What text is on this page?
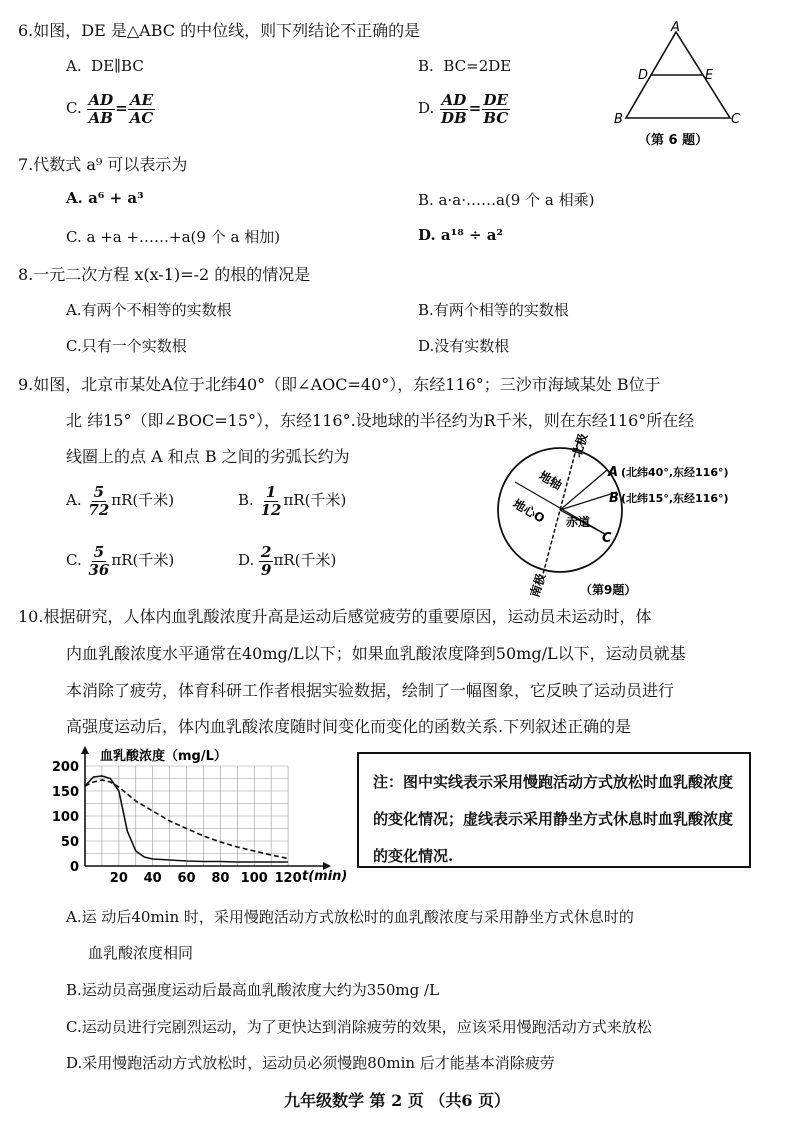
6.如图，DE 是△ABC 的中位线，则下列结论不正确的是
A. DE∥BC	B. BC=2DE
C. $\frac{AD}{AB} = \frac{AE}{AC}$	D. $\frac{AD}{DB} = \frac{DE}{BC}$
A
D	E
B	C
（第 6 题）
7.代数式 a⁹ 可以表示为
A. a⁶ + a³	B. a·a·……a(9 个 a 相乘)
C. a +a +……+a(9 个 a 相加)	D. a¹⁸ ÷ a²
8.一元二次方程 x(x-1)=-2 的根的情况是
A.有两个不相等的实数根	B.有两个相等的实数根
C.只有一个实数根	D.没有实数根
9.如图，北京市某处A位于北纬40°（即∠AOC=40°），东经116°；三沙市海域某处 B位于
北 纬15°（即∠BOC=15°），东经116°.设地球的半径约为R千米，则在东经116°所在经
线圈上的点 A 和点 B 之间的劣弧长约为
A. $\frac{5}{72} \pi R$(千米)	B. $\frac{1}{12} \pi R$(千米)
C. $\frac{5}{36} \pi R$(千米)	D. $\frac{2}{9} \pi R$(千米)
北极
南极
地轴
地心O 赤道
A
B
C
(北纬40°,东经116°)
(北纬15°,东经116°)
（第9题）
10.根据研究，人体内血乳酸浓度升高是运动后感觉疲劳的重要原因，运动员未运动时，体
内血乳酸浓度水平通常在40mg/L以下；如果血乳酸浓度降到50mg/L以下，运动员就基
本消除了疲劳，体育科研工作者根据实验数据，绘制了一幅图象，它反映了运动员进行
高强度运动后，体内血乳酸浓度随时间变化而变化的函数关系.下列叙述正确的是
20 40 60 80 100 120
0
50
100
150
200
血乳酸浓度（mg/L）
t(min)
注：图中实线表示采用慢跑活动方式放松时血乳酸浓度的变化情况；虚线表示采用静坐方式休息时血乳酸浓度的变化情况.
A.运 动后40min 时，采用慢跑活动方式放松时的血乳酸浓度与采用静坐方式休息时的
血乳酸浓度相同
B.运动员高强度运动后最高血乳酸浓度大约为350mg /L
C.运动员进行完剧烈运动，为了更快达到消除疲劳的效果，应该采用慢跑活动方式来放松
D.采用慢跑活动方式放松时，运动员必须慢跑80min 后才能基本消除疲劳
九年级数学 第 2 页 （共6 页）
